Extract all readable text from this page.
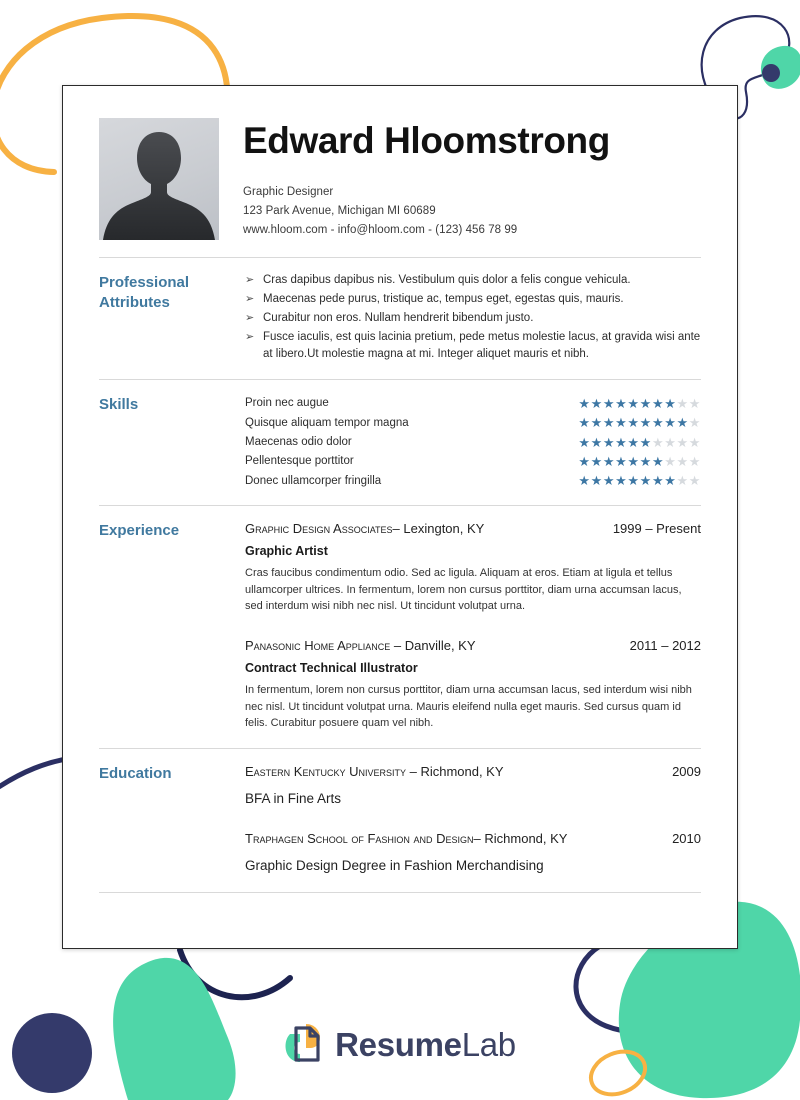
Edward Hloomstrong
Graphic Designer
123 Park Avenue, Michigan MI 60689
www.hloom.com - info@hloom.com - (123) 456 78 99
Professional Attributes
➢ Cras dapibus dapibus nis. Vestibulum quis dolor a felis congue vehicula.
➢ Maecenas pede purus, tristique ac, tempus eget, egestas quis, mauris.
➢ Curabitur non eros. Nullam hendrerit bibendum justo.
➢ Fusce iaculis, est quis lacinia pretium, pede metus molestie lacus, at gravida wisi ante at libero.Ut molestie magna at mi. Integer aliquet mauris et nibh.
Skills	Proin nec augue	★★★★★★★★★★
Quisque aliquam tempor magna	★★★★★★★★★★
Maecenas odio dolor	★★★★★★★★★★
Pellentesque porttitor	★★★★★★★★★★
Donec ullamcorper fringilla	★★★★★★★★★★
Experience	Graphic Design Associates– Lexington, KY	1999 – Present
Graphic Artist
Cras faucibus condimentum odio. Sed ac ligula. Aliquam at eros. Etiam at ligula et tellus ullamcorper ultrices. In fermentum, lorem non cursus porttitor, diam urna accumsan lacus, sed interdum wisi nibh nec nisl. Ut tincidunt volutpat urna.
Panasonic Home Appliance – Danville, KY	2011 – 2012
Contract Technical Illustrator
In fermentum, lorem non cursus porttitor, diam urna accumsan lacus, sed interdum wisi nibh nec nisl. Ut tincidunt volutpat urna. Mauris eleifend nulla eget mauris. Sed cursus quam id felis. Curabitur posuere quam vel nibh.
Education	Eastern Kentucky University – Richmond, KY	2009
BFA in Fine Arts
Traphagen School of Fashion and Design– Richmond, KY	2010
Graphic Design Degree in Fashion Merchandising
ResumeLab
